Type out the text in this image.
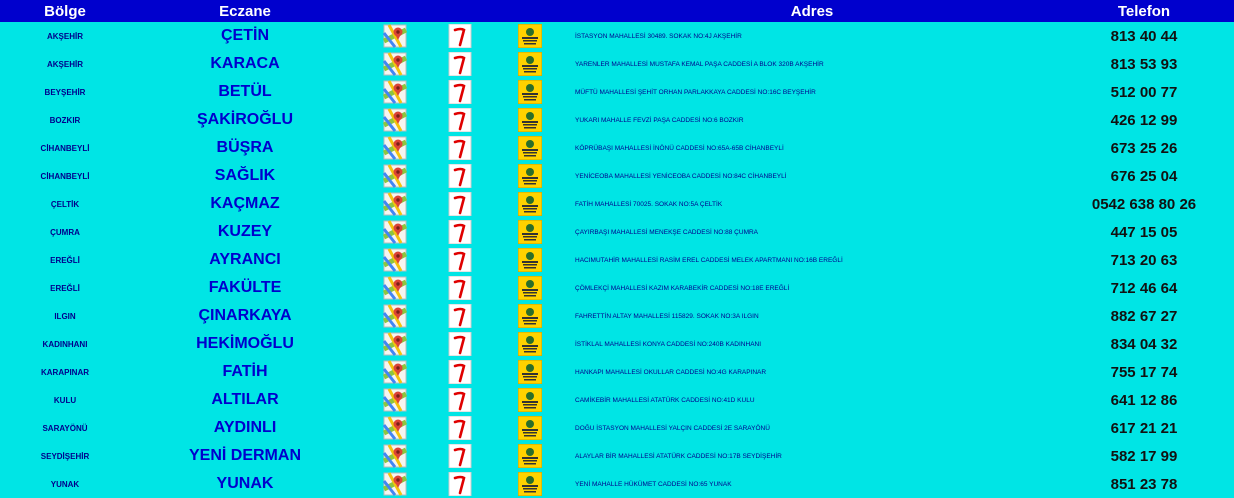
Bölge	Eczane				Adres	Telefon
AKŞEHİR	ÇETİN				İSTASYON MAHALLESİ 30489. SOKAK NO:4J AKŞEHİR	813 40 44
AKŞEHİR	KARACA				YARENLER MAHALLESİ MUSTAFA KEMAL PAŞA CADDESİ A BLOK 320B AKŞEHİR	813 53 93
BEYŞEHİR	BETÜL				MÜFTÜ MAHALLESİ ŞEHİT ORHAN PARLAKKAYA CADDESİ NO:16C BEYŞEHİR	512 00 77
BOZKIR	ŞAKİROĞLU				YUKARI MAHALLE FEVZİ PAŞA CADDESİ NO:6 BOZKIR	426 12 99
CİHANBEYLİ	BÜŞRA				KÖPRÜBAŞI MAHALLESİ İNÖNÜ CADDESİ NO:65A-65B CİHANBEYLİ	673 25 26
CİHANBEYLİ	SAĞLIK				YENİCEOBA MAHALLESİ YENİCEOBA CADDESİ NO:84C CİHANBEYLİ	676 25 04
ÇELTİK	KAÇMAZ				FATİH MAHALLESİ 70025. SOKAK NO:5A ÇELTİK	0542 638 80 26
ÇUMRA	KUZEY				ÇAYIRBAŞI MAHALLESİ MENEKŞE CADDESİ NO:88 ÇUMRA	447 15 05
EREĞLİ	AYRANCI				HACIMUTAHİR MAHALLESİ RASİM EREL CADDESİ MELEK APARTMANI NO:16B EREĞLİ	713 20 63
EREĞLİ	FAKÜLTE				ÇÖMLEKÇİ MAHALLESİ KAZIM KARABEKİR CADDESİ NO:18E EREĞLİ	712 46 64
ILGIN	ÇINARKAYA				FAHRETTİN ALTAY MAHALLESİ 115829. SOKAK NO:3A ILGIN	882 67 27
KADINHANI	HEKİMOĞLU				İSTİKLAL MAHALLESİ KONYA CADDESİ NO:240B KADINHANI	834 04 32
KARAPINAR	FATİH				HANKAPI MAHALLESİ OKULLAR CADDESİ NO:4G KARAPINAR	755 17 74
KULU	ALTILAR				CAMİKEBİR MAHALLESİ ATATÜRK CADDESİ NO:41D KULU	641 12 86
SARAYÖNÜ	AYDINLI				DOĞU İSTASYON MAHALLESİ YALÇIN CADDESİ 2E SARAYÖNÜ	617 21 21
SEYDİŞEHİR	YENİ DERMAN				ALAYLAR BİR MAHALLESİ ATATÜRK CADDESİ NO:17B SEYDİŞEHİR	582 17 99
YUNAK	YUNAK				YENİ MAHALLE HÜKÜMET CADDESİ NO:65 YUNAK	851 23 78
